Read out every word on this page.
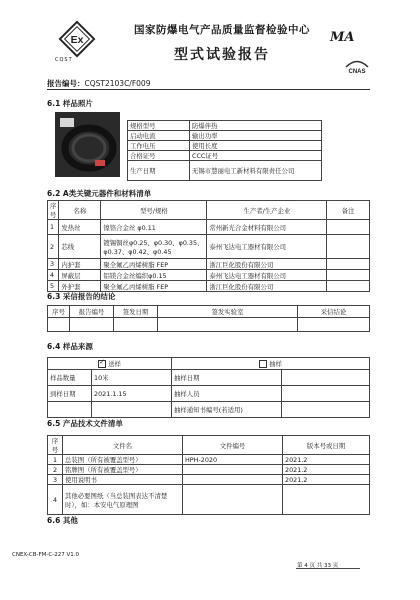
Ex
CQST
国家防爆电气产品质量监督检验中心
型式试验报告
MA
CNAS
报告编号：CQST2103C/F009
6.1 样品照片
规格型号	防爆伴热
启动电流	输出功率
工作电压	使用长度
合格证号	CCC证号
生产日期	无锡市慧丽电工新材料有限责任公司
6.2 A类关键元器件和材料清单
序号	名称	型号/规格	生产者/生产企业	备注
1	发热丝	镍铬合金丝 φ0.11	常州新光合金材料有限公司	
2	芯线	镀锡铜丝φ0.25、φ0.30、φ0.35、φ0.37、φ0.42、φ0.45	泰州飞达电工器材有限公司	
3	内护套	聚全氟乙丙烯树脂 FEP	浙江巨化股份有限公司	
4	屏蔽层	铝镁合金丝编织φ0.15	泰州飞达电工器材有限公司	
5	外护套	聚全氟乙丙烯树脂 FEP	浙江巨化股份有限公司	
6.3 采信报告的结论
序号	报告编号	签发日期	签发实验室	采信结论

6.4 样品来源
✓送样		抽样	
样品数量	10米	抽样日期	
到样日期	2021.1.15	抽样人员	
		抽样通知书编号(若适用)	
6.5 产品技术文件清单
序号	文件名	文件编号	版本号或日期
1	总装图（所有被覆盖型号）	HPH-2020	2021.2
2	铭牌图（所有被覆盖型号）		2021.2
3	使用说明书		2021.2
4	其他必要图纸（当总装图表达不清楚时），如：本安电气原理图		
6.6 其他
CNEX-CB-FM-C-227 V1.0
第 4 页 共 33 页
